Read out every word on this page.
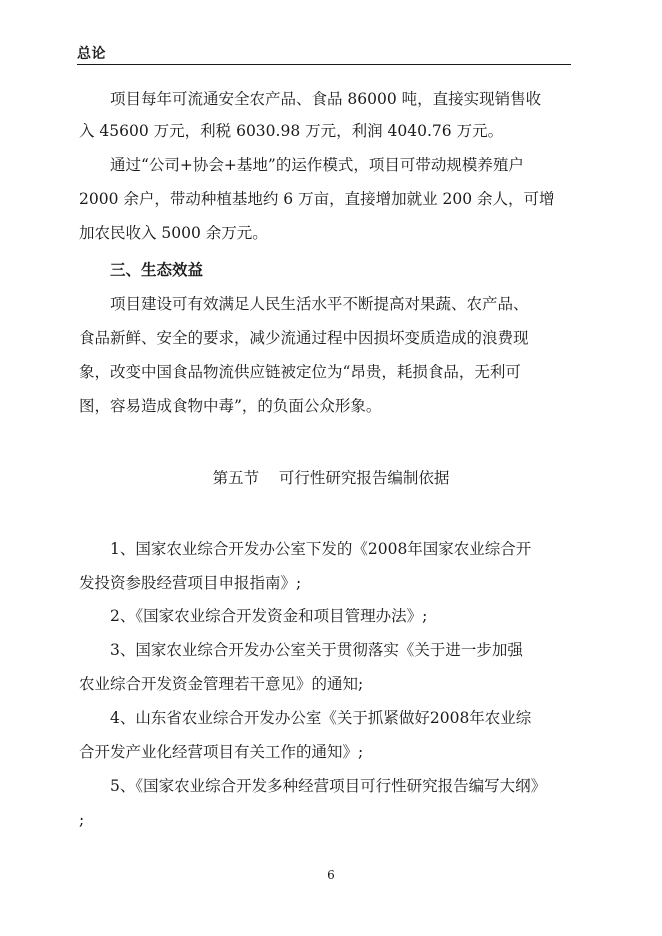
总论
项目每年可流通安全农产品、食品 86000 吨，直接实现销售收
入 45600 万元，利税 6030.98 万元，利润 4040.76 万元。
通过“公司+协会+基地”的运作模式，项目可带动规模养殖户
2000 余户，带动种植基地约 6 万亩，直接增加就业 200 余人，可增
加农民收入 5000 余万元。
三、生态效益
项目建设可有效满足人民生活水平不断提高对果蔬、农产品、
食品新鲜、安全的要求，减少流通过程中因损坏变质造成的浪费现
象，改变中国食品物流供应链被定位为“昂贵，耗损食品，无利可
图，容易造成食物中毒”，的负面公众形象。
第五节    可行性研究报告编制依据
1、国家农业综合开发办公室下发的《2008年国家农业综合开
发投资参股经营项目申报指南》;
2、《国家农业综合开发资金和项目管理办法》;
3、国家农业综合开发办公室关于贯彻落实《关于进一步加强
农业综合开发资金管理若干意见》的通知;
4、山东省农业综合开发办公室《关于抓紧做好2008年农业综
合开发产业化经营项目有关工作的通知》;
5、《国家农业综合开发多种经营项目可行性研究报告编写大纲》
;
6
